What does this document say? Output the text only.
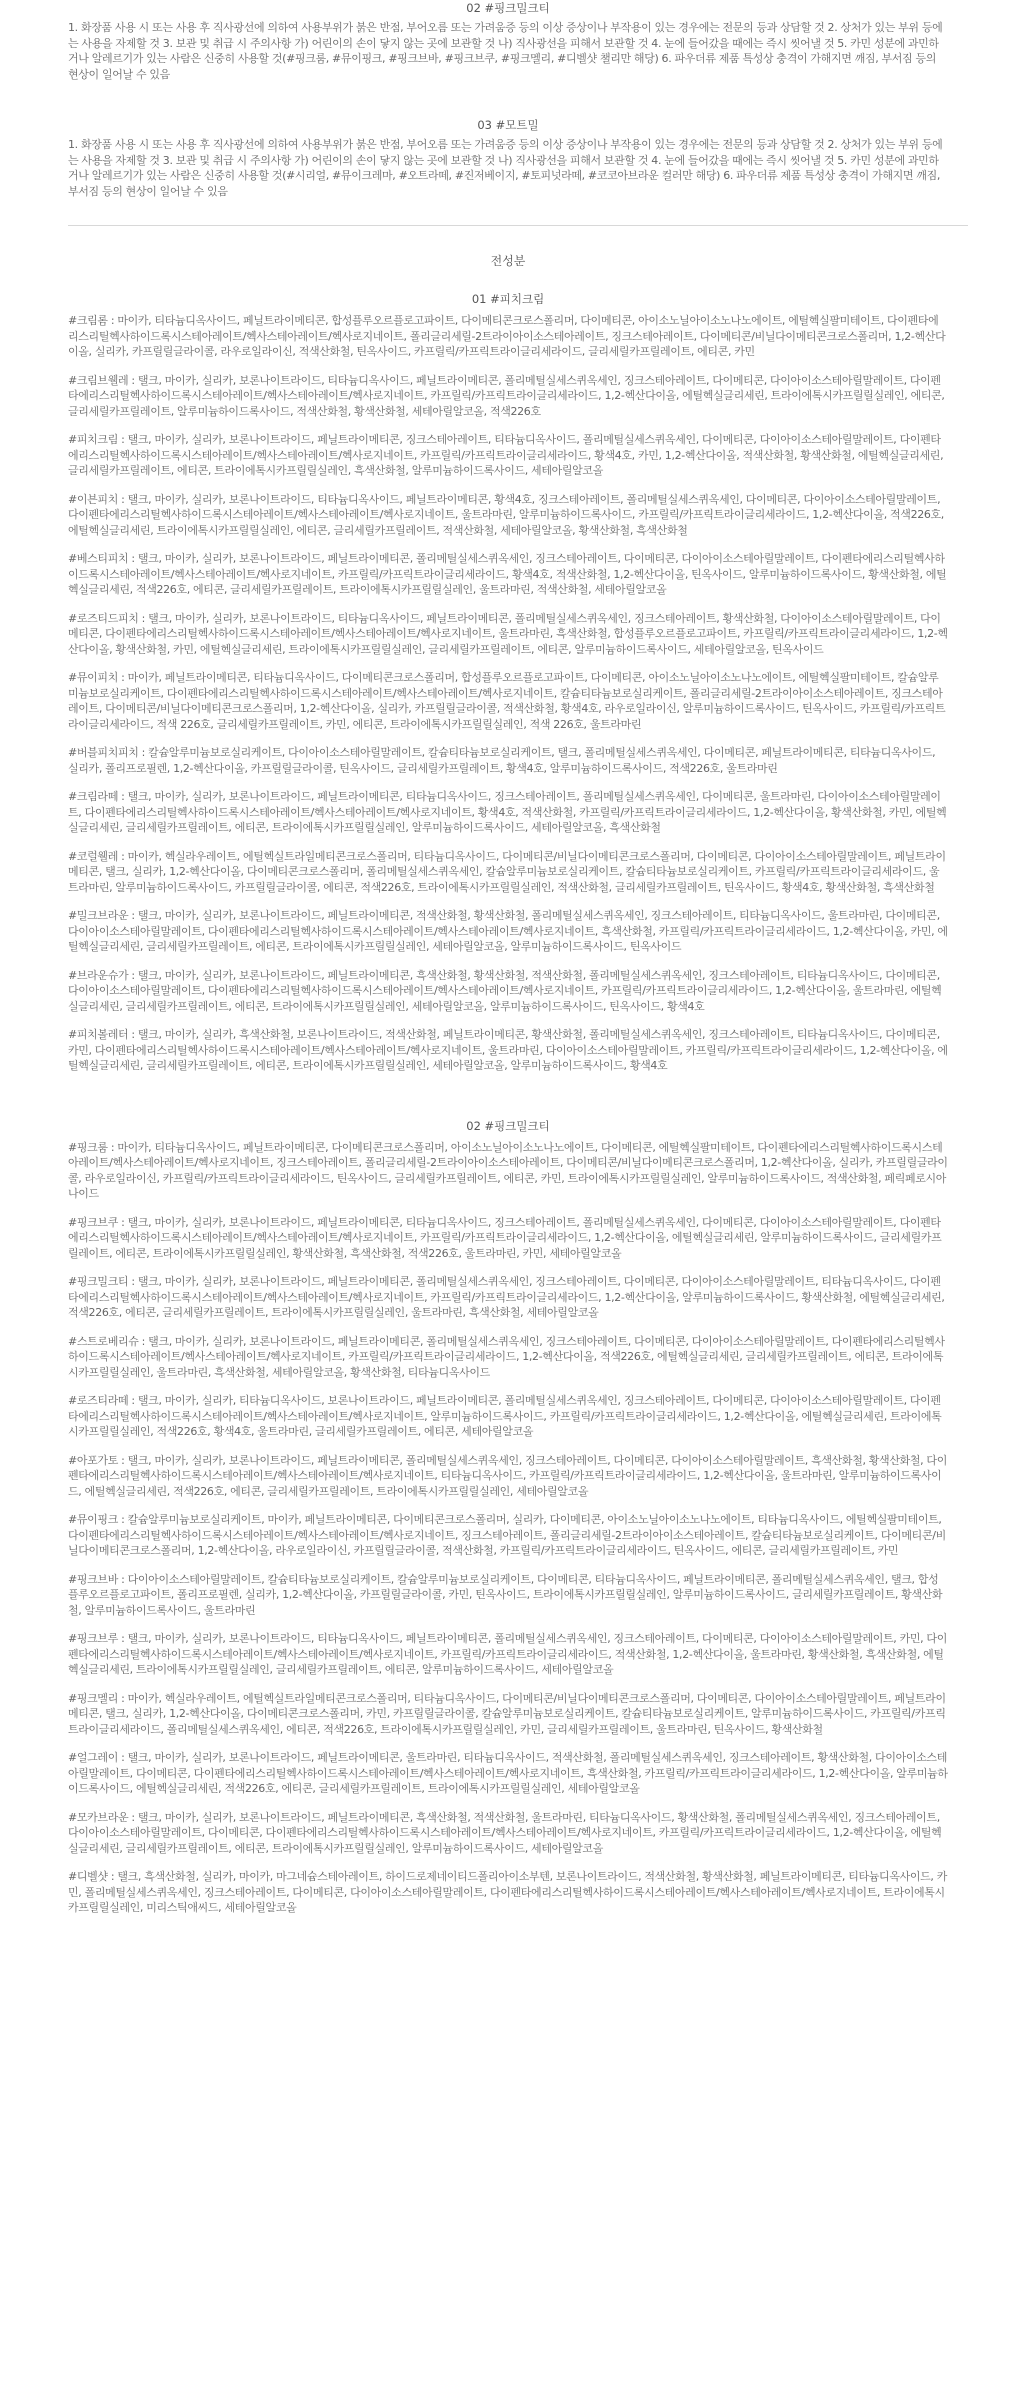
02 #핑크밀크티

1. 화장품 사용 시 또는 사용 후 직사광선에 의하여 사용부위가 붉은 반점, 부어오름 또는 가려움증 등의 이상 증상이나 부작용이 있는 경우에는 전문의 등과 상담할 것 2. 상처가 있는 부위 등에는 사용을 자제할 것 3. 보관 및 취급 시 주의사항 가) 어린이의 손이 닿지 않는 곳에 보관할 것 나) 직사광선을 피해서 보관할 것 4. 눈에 들어갔을 때에는 즉시 씻어낼 것 5. 카민 성분에 과민하거나 알레르기가 있는 사람은 신중히 사용할 것(#핑크룸, #뮤이핑크, #핑크브바, #핑크브쿠, #핑크멜리, #디벨샷 챌리만 해당) 6. 파우더류 제품 특성상 충격이 가해지면 깨짐, 부서짐 등의 현상이 일어날 수 있음

03 #모트밀

1. 화장품 사용 시 또는 사용 후 직사광선에 의하여 사용부위가 붉은 반점, 부어오름 또는 가려움증 등의 이상 증상이나 부작용이 있는 경우에는 전문의 등과 상담할 것 2. 상처가 있는 부위 등에는 사용을 자제할 것 3. 보관 및 취급 시 주의사항 가) 어린이의 손이 닿지 않는 곳에 보관할 것 나) 직사광선을 피해서 보관할 것 4. 눈에 들어갔을 때에는 즉시 씻어낼 것 5. 카민 성분에 과민하거나 알레르기가 있는 사람은 신중히 사용할 것(#시리얼, #뮤이크레마, #오트라떼, #진저베이지, #토피넛라떼, #코코아브라운 컬러만 해당) 6. 파우더류 제품 특성상 충격이 가해지면 깨짐, 부서짐 등의 현상이 일어날 수 있음

전성분

01 #피치크림

#크림롬 : 마이카, 티타늄디옥사이드, 페닐트라이메티콘, 합성플루오르플로고파이트, 다이메티콘크로스폴리머, 다이메티콘, 아이소노닐아이소노나노에이트, 에틸헥실팔미테이트, 다이펜타에리스리틸헥사하이드록시스테아레이트/헥사스테아레이트/헥사로지네이트, 폴리글리세릴-2트라이아이소스테아레이트, 징크스테아레이트, 다이메티콘/비닐다이메티콘크로스폴리머, 1,2-헥산다이올, 실리카, 카프릴릴글라이콜, 라우로일라이신, 적색산화철, 틴옥사이드, 카프릴릭/카프릭트라이글리세라이드, 글리세릴카프릴레이트, 에티콘, 카민

#크림브웰레 : 탤크, 마이카, 실리카, 보론나이트라이드, 티타늄디옥사이드, 페닐트라이메티콘, 폴리메틸실세스퀴옥세인, 징크스테아레이트, 다이메티콘, 다이아이소스테아릴말레이트, 다이펜타에리스리틸헥사하이드록시스테아레이트/헥사스테아레이트/헥사로지네이트, 카프릴릭/카프릭트라이글리세라이드, 1,2-헥산다이올, 에틸헥실글리세린, 트라이에톡시카프릴릴실레인, 에티콘, 글리세릴카프릴레이트, 알루미늄하이드록사이드, 적색산화철, 황색산화철, 세테아릴알코올, 적색226호

#피치크림 : 탤크, 마이카, 실리카, 보론나이트라이드, 페닐트라이메티콘, 징크스테아레이트, 티타늄디옥사이드, 폴리메틸실세스퀴옥세인, 다이메티콘, 다이아이소스테아릴말레이트, 다이펜타에리스리틸헥사하이드록시스테아레이트/헥사스테아레이트/헥사로지네이트, 카프릴릭/카프릭트라이글리세라이드, 황색4호, 카민, 1,2-헥산다이올, 적색산화철, 황색산화철, 에틸헥실글리세린, 글리세릴카프릴레이트, 에티콘, 트라이에톡시카프릴릴실레인, 흑색산화철, 알루미늄하이드록사이드, 세테아릴알코올

#이븐피치 : 탤크, 마이카, 실리카, 보론나이트라이드, 티타늄디옥사이드, 페닐트라이메티콘, 황색4호, 징크스테아레이트, 폴리메틸실세스퀴옥세인, 다이메티콘, 다이아이소스테아릴말레이트, 다이펜타에리스리틸헥사하이드록시스테아레이트/헥사스테아레이트/헥사로지네이트, 울트라마린, 알루미늄하이드록사이드, 카프릴릭/카프릭트라이글리세라이드, 1,2-헥산다이올, 적색226호, 에틸헥실글리세린, 트라이에톡시카프릴릴실레인, 에티콘, 글리세릴카프릴레이트, 적색산화철, 세테아릴알코올, 황색산화철, 흑색산화철

#베스티피치 : 탤크, 마이카, 실리카, 보론나이트라이드, 페닐트라이메티콘, 폴리메틸실세스퀴옥세인, 징크스테아레이트, 다이메티콘, 다이아이소스테아릴말레이트, 다이펜타에리스리틸헥사하이드록시스테아레이트/헥사스테아레이트/헥사로지네이트, 카프릴릭/카프릭트라이글리세라이드, 황색4호, 적색산화철, 1,2-헥산다이올, 틴옥사이드, 알루미늄하이드록사이드, 황색산화철, 에틸헥실글리세린, 적색226호, 에티콘, 글리세릴카프릴레이트, 트라이에톡시카프릴릴실레인, 울트라마린, 적색산화철, 세테아릴알코올

#로즈티드피치 : 탤크, 마이카, 실리카, 보론나이트라이드, 티타늄디옥사이드, 페닐트라이메티콘, 폴리메틸실세스퀴옥세인, 징크스테아레이트, 황색산화철, 다이아이소스테아릴말레이트, 다이메티콘, 다이펜타에리스리틸헥사하이드록시스테아레이트/헥사스테아레이트/헥사로지네이트, 울트라마린, 흑색산화철, 합성플루오르플로고파이트, 카프릴릭/카프릭트라이글리세라이드, 1,2-헥산다이올, 황색산화철, 카민, 에틸헥실글리세린, 트라이에톡시카프릴릴실레인, 글리세릴카프릴레이트, 에티콘, 알루미늄하이드록사이드, 세테아릴알코올, 틴옥사이드

#뮤이피치 : 마이카, 페닐트라이메티콘, 티타늄디옥사이드, 다이메티콘크로스폴리머, 합성플루오르플로고파이트, 다이메티콘, 아이소노닐아이소노나노에이트, 에틸헥실팔미테이트, 칼슘알루미늄보로실리케이트, 다이펜타에리스리틸헥사하이드록시스테아레이트/헥사스테아레이트/헥사로지네이트, 칼슘티타늄보로실리케이트, 폴리글리세릴-2트라이아이소스테아레이트, 징크스테아레이트, 다이메티콘/비닐다이메티콘크로스폴리머, 1,2-헥산다이올, 실리카, 카프릴릴글라이콜, 적색산화철, 황색4호, 라우로일라이신, 알루미늄하이드록사이드, 틴옥사이드, 카프릴릭/카프릭트라이글리세라이드, 적색 226호, 글리세릴카프릴레이트, 카민, 에티콘, 트라이에톡시카프릴릴실레인, 적색 226호, 울트라마린

#버블피치피치 : 칼슘알루미늄보로실리케이트, 다이아이소스테아릴말레이트, 칼슘티타늄보로실리케이트, 탤크, 폴리메틸실세스퀴옥세인, 다이메티콘, 페닐트라이메티콘, 티타늄디옥사이드, 실리카, 폴리프로필렌, 1,2-헥산다이올, 카프릴릴글라이콜, 틴옥사이드, 글리세릴카프릴레이트, 황색4호, 알루미늄하이드록사이드, 적색226호, 울트라마린

#크림라떼 : 탤크, 마이카, 실리카, 보론나이트라이드, 페닐트라이메티콘, 티타늄디옥사이드, 징크스테아레이트, 폴리메틸실세스퀴옥세인, 다이메티콘, 울트라마린, 다이아이소스테아릴말레이트, 다이펜타에리스리틸헥사하이드록시스테아레이트/헥사스테아레이트/헥사로지네이트, 황색4호, 적색산화철, 카프릴릭/카프릭트라이글리세라이드, 1,2-헥산다이올, 황색산화철, 카민, 에틸헥실글리세린, 글리세릴카프릴레이트, 에티콘, 트라이에톡시카프릴릴실레인, 알루미늄하이드록사이드, 세테아릴알코올, 흑색산화철

#코럴웰레 : 마이카, 헥실라우레이트, 에틸헥실트라일메티콘크로스폴리머, 티타늄디옥사이드, 다이메티콘/비닐다이메티콘크로스폴리머, 다이메티콘, 다이아이소스테아릴말레이트, 페닐트라이메티콘, 탤크, 실리카, 1,2-헥산다이올, 다이메티콘크로스폴리머, 폴리메틸실세스퀴옥세인, 칼슘알루미늄보로실리케이트, 칼슘티타늄보로실리케이트, 카프릴릭/카프릭트라이글리세라이드, 울트라마린, 알루미늄하이드록사이드, 카프릴릴글라이콜, 에티콘, 적색226호, 트라이에톡시카프릴릴실레인, 적색산화철, 글리세릴카프릴레이트, 틴옥사이드, 황색4호, 황색산화철, 흑색산화철

#밀크브라운 : 탤크, 마이카, 실리카, 보론나이트라이드, 페닐트라이메티콘, 적색산화철, 황색산화철, 폴리메틸실세스퀴옥세인, 징크스테아레이트, 티타늄디옥사이드, 울트라마린, 다이메티콘, 다이아이소스테아릴말레이트, 다이펜타에리스리틸헥사하이드록시스테아레이트/헥사스테아레이트/헥사로지네이트, 흑색산화철, 카프릴릭/카프릭트라이글리세라이드, 1,2-헥산다이올, 카민, 에틸헥실글리세린, 글리세릴카프릴레이트, 에티콘, 트라이에톡시카프릴릴실레인, 세테아릴알코올, 알루미늄하이드록사이드, 틴옥사이드

#브라운슈가 : 탤크, 마이카, 실리카, 보론나이트라이드, 페닐트라이메티콘, 흑색산화철, 황색산화철, 적색산화철, 폴리메틸실세스퀴옥세인, 징크스테아레이트, 티타늄디옥사이드, 다이메티콘, 다이아이소스테아릴말레이트, 다이펜타에리스리틸헥사하이드록시스테아레이트/헥사스테아레이트/헥사로지네이트, 카프릴릭/카프릭트라이글리세라이드, 1,2-헥산다이올, 울트라마린, 에틸헥실글리세린, 글리세릴카프릴레이트, 에티콘, 트라이에톡시카프릴릴실레인, 세테아릴알코올, 알루미늄하이드록사이드, 틴옥사이드, 황색4호

#피치볼레터 : 탤크, 마이카, 실리카, 흑색산화철, 보론나이트라이드, 적색산화철, 페닐트라이메티콘, 황색산화철, 폴리메틸실세스퀴옥세인, 징크스테아레이트, 티타늄디옥사이드, 다이메티콘, 카민, 다이펜타에리스리틸헥사하이드록시스테아레이트/헥사스테아레이트/헥사로지네이트, 울트라마린, 다이아이소스테아릴말레이트, 카프릴릭/카프릭트라이글리세라이드, 1,2-헥산다이올, 에틸헥실글리세린, 글리세릴카프릴레이트, 에티콘, 트라이에톡시카프릴릴실레인, 세테아릴알코올, 알루미늄하이드록사이드, 황색4호

02 #핑크밀크티

#핑크룸 : 마이카, 티타늄디옥사이드, 페닐트라이메티콘, 다이메티콘크로스폴리머, 아이소노닐아이소노나노에이트, 다이메티콘, 에틸헥실팔미테이트, 다이펜타에리스리틸헥사하이드록시스테아레이트/헥사스테아레이트/헥사로지네이트, 징크스테아레이트, 폴리글리세릴-2트라이아이소스테아레이트, 다이메티콘/비닐다이메티콘크로스폴리머, 1,2-헥산다이올, 실리카, 카프릴릴글라이콜, 라우로일라이신, 카프릴릭/카프릭트라이글리세라이드, 틴옥사이드, 글리세릴카프릴레이트, 에티콘, 카민, 트라이에톡시카프릴릴실레인, 알루미늄하이드록사이드, 적색산화철, 페릭페로시아나이드

#핑크브쿠 : 탤크, 마이카, 실리카, 보론나이트라이드, 페닐트라이메티콘, 티타늄디옥사이드, 징크스테아레이트, 폴리메틸실세스퀴옥세인, 다이메티콘, 다이아이소스테아릴말레이트, 다이펜타에리스리틸헥사하이드록시스테아레이트/헥사스테아레이트/헥사로지네이트, 카프릴릭/카프릭트라이글리세라이드, 1,2-헥산다이올, 에틸헥실글리세린, 알루미늄하이드록사이드, 글리세릴카프릴레이트, 에티콘, 트라이에톡시카프릴릴실레인, 황색산화철, 흑색산화철, 적색226호, 울트라마린, 카민, 세테아릴알코올

#핑크밀크티 : 탤크, 마이카, 실리카, 보론나이트라이드, 페닐트라이메티콘, 폴리메틸실세스퀴옥세인, 징크스테아레이트, 다이메티콘, 다이아이소스테아릴말레이트, 티타늄디옥사이드, 다이펜타에리스리틸헥사하이드록시스테아레이트/헥사스테아레이트/헥사로지네이트, 카프릴릭/카프릭트라이글리세라이드, 1,2-헥산다이올, 알루미늄하이드록사이드, 황색산화철, 에틸헥실글리세린, 적색226호, 에티콘, 글리세릴카프릴레이트, 트라이에톡시카프릴릴실레인, 울트라마린, 흑색산화철, 세테아릴알코올

#스트로베리슈 : 탤크, 마이카, 실리카, 보론나이트라이드, 페닐트라이메티콘, 폴리메틸실세스퀴옥세인, 징크스테아레이트, 다이메티콘, 다이아이소스테아릴말레이트, 다이펜타에리스리틸헥사하이드록시스테아레이트/헥사스테아레이트/헥사로지네이트, 카프릴릭/카프릭트라이글리세라이드, 1,2-헥산다이올, 적색226호, 에틸헥실글리세린, 글리세릴카프릴레이트, 에티콘, 트라이에톡시카프릴릴실레인, 울트라마린, 흑색산화철, 세테아릴알코올, 황색산화철, 티타늄디옥사이드

#로즈티라떼 : 탤크, 마이카, 실리카, 티타늄디옥사이드, 보론나이트라이드, 페닐트라이메티콘, 폴리메틸실세스퀴옥세인, 징크스테아레이트, 다이메티콘, 다이아이소스테아릴말레이트, 다이펜타에리스리틸헥사하이드록시스테아레이트/헥사스테아레이트/헥사로지네이트, 알루미늄하이드록사이드, 카프릴릭/카프릭트라이글리세라이드, 1,2-헥산다이올, 에틸헥실글리세린, 트라이에톡시카프릴릴실레인, 적색226호, 황색4호, 울트라마린, 글리세릴카프릴레이트, 에티콘, 세테아릴알코올

#아포가토 : 탤크, 마이카, 실리카, 보론나이트라이드, 페닐트라이메티콘, 폴리메틸실세스퀴옥세인, 징크스테아레이트, 다이메티콘, 다이아이소스테아릴말레이트, 흑색산화철, 황색산화철, 다이펜타에리스리틸헥사하이드록시스테아레이트/헥사스테아레이트/헥사로지네이트, 티타늄디옥사이드, 카프릴릭/카프릭트라이글리세라이드, 1,2-헥산다이올, 울트라마린, 알루미늄하이드록사이드, 에틸헥실글리세린, 적색226호, 에티콘, 글리세릴카프릴레이트, 트라이에톡시카프릴릴실레인, 세테아릴알코올

#뮤이핑크 : 칼슘알루미늄보로실리케이트, 마이카, 페닐트라이메티콘, 다이메티콘크로스폴리머, 실리카, 다이메티콘, 아이소노닐아이소노나노에이트, 티타늄디옥사이드, 에틸헥실팔미테이트, 다이펜타에리스리틸헥사하이드록시스테아레이트/헥사스테아레이트/헥사로지네이트, 징크스테아레이트, 폴리글리세릴-2트라이아이소스테아레이트, 칼슘티타늄보로실리케이트, 다이메티콘/비닐다이메티콘크로스폴리머, 1,2-헥산다이올, 라우로일라이신, 카프릴릴글라이콜, 적색산화철, 카프릴릭/카프릭트라이글리세라이드, 틴옥사이드, 에티콘, 글리세릴카프릴레이트, 카민

#핑크브바 : 다이아이소스테아릴말레이트, 칼슘티타늄보로실리케이트, 칼슘알루미늄보로실리케이트, 다이메티콘, 티타늄디옥사이드, 페닐트라이메티콘, 폴리메틸실세스퀴옥세인, 탤크, 합성플루오르플로고파이트, 폴리프로필렌, 실리카, 1,2-헥산다이올, 카프릴릴글라이콜, 카민, 틴옥사이드, 트라이에톡시카프릴릴실레인, 알루미늄하이드록사이드, 글리세릴카프릴레이트, 황색산화철, 알루미늄하이드록사이드, 울트라마린

#핑크브루 : 탤크, 마이카, 실리카, 보론나이트라이드, 티타늄디옥사이드, 페닐트라이메티콘, 폴리메틸실세스퀴옥세인, 징크스테아레이트, 다이메티콘, 다이아이소스테아릴말레이트, 카민, 다이펜타에리스리틸헥사하이드록시스테아레이트/헥사스테아레이트/헥사로지네이트, 카프릴릭/카프릭트라이글리세라이드, 적색산화철, 1,2-헥산다이올, 울트라마린, 황색산화철, 흑색산화철, 에틸헥실글리세린, 트라이에톡시카프릴릴실레인, 글리세릴카프릴레이트, 에티콘, 알루미늄하이드록사이드, 세테아릴알코올

#핑크멜리 : 마이카, 헥실라우레이트, 에틸헥실트라일메티콘크로스폴리머, 티타늄디옥사이드, 다이메티콘/비닐다이메티콘크로스폴리머, 다이메티콘, 다이아이소스테아릴말레이트, 페닐트라이메티콘, 탤크, 실리카, 1,2-헥산다이올, 다이메티콘크로스폴리머, 카민, 카프릴릴글라이콜, 칼슘알루미늄보로실리케이트, 칼슘티타늄보로실리케이트, 알루미늄하이드록사이드, 카프릴릭/카프릭트라이글리세라이드, 폴리메틸실세스퀴옥세인, 에티콘, 적색226호, 트라이에톡시카프릴릴실레인, 카민, 글리세릴카프릴레이트, 울트라마린, 틴옥사이드, 황색산화철

#얼그레이 : 탤크, 마이카, 실리카, 보론나이트라이드, 페닐트라이메티콘, 울트라마린, 티타늄디옥사이드, 적색산화철, 폴리메틸실세스퀴옥세인, 징크스테아레이트, 황색산화철, 다이아이소스테아릴말레이트, 다이메티콘, 다이펜타에리스리틸헥사하이드록시스테아레이트/헥사스테아레이트/헥사로지네이트, 흑색산화철, 카프릴릭/카프릭트라이글리세라이드, 1,2-헥산다이올, 알루미늄하이드록사이드, 에틸헥실글리세린, 적색226호, 에티콘, 글리세릴카프릴레이트, 트라이에톡시카프릴릴실레인, 세테아릴알코올

#모카브라운 : 탤크, 마이카, 실리카, 보론나이트라이드, 페닐트라이메티콘, 흑색산화철, 적색산화철, 울트라마린, 티타늄디옥사이드, 황색산화철, 폴리메틸실세스퀴옥세인, 징크스테아레이트, 다이아이소스테아릴말레이트, 다이메티콘, 다이펜타에리스리틸헥사하이드록시스테아레이트/헥사스테아레이트/헥사로지네이트, 카프릴릭/카프릭트라이글리세라이드, 1,2-헥산다이올, 에틸헥실글리세린, 글리세릴카프릴레이트, 에티콘, 트라이에톡시카프릴릴실레인, 알루미늄하이드록사이드, 세테아릴알코올

#디벨샷 : 탤크, 흑색산화철, 실리카, 마이카, 마그네슘스테아레이트, 하이드로제네이티드폴리아이소부텐, 보론나이트라이드, 적색산화철, 황색산화철, 페닐트라이메티콘, 티타늄디옥사이드, 카민, 폴리메틸실세스퀴옥세인, 징크스테아레이트, 다이메티콘, 다이아이소스테아릴말레이트, 다이펜타에리스리틸헥사하이드록시스테아레이트/헥사스테아레이트/헥사로지네이트, 트라이에톡시카프릴릴실레인, 미리스틱애씨드, 세테아릴알코올
